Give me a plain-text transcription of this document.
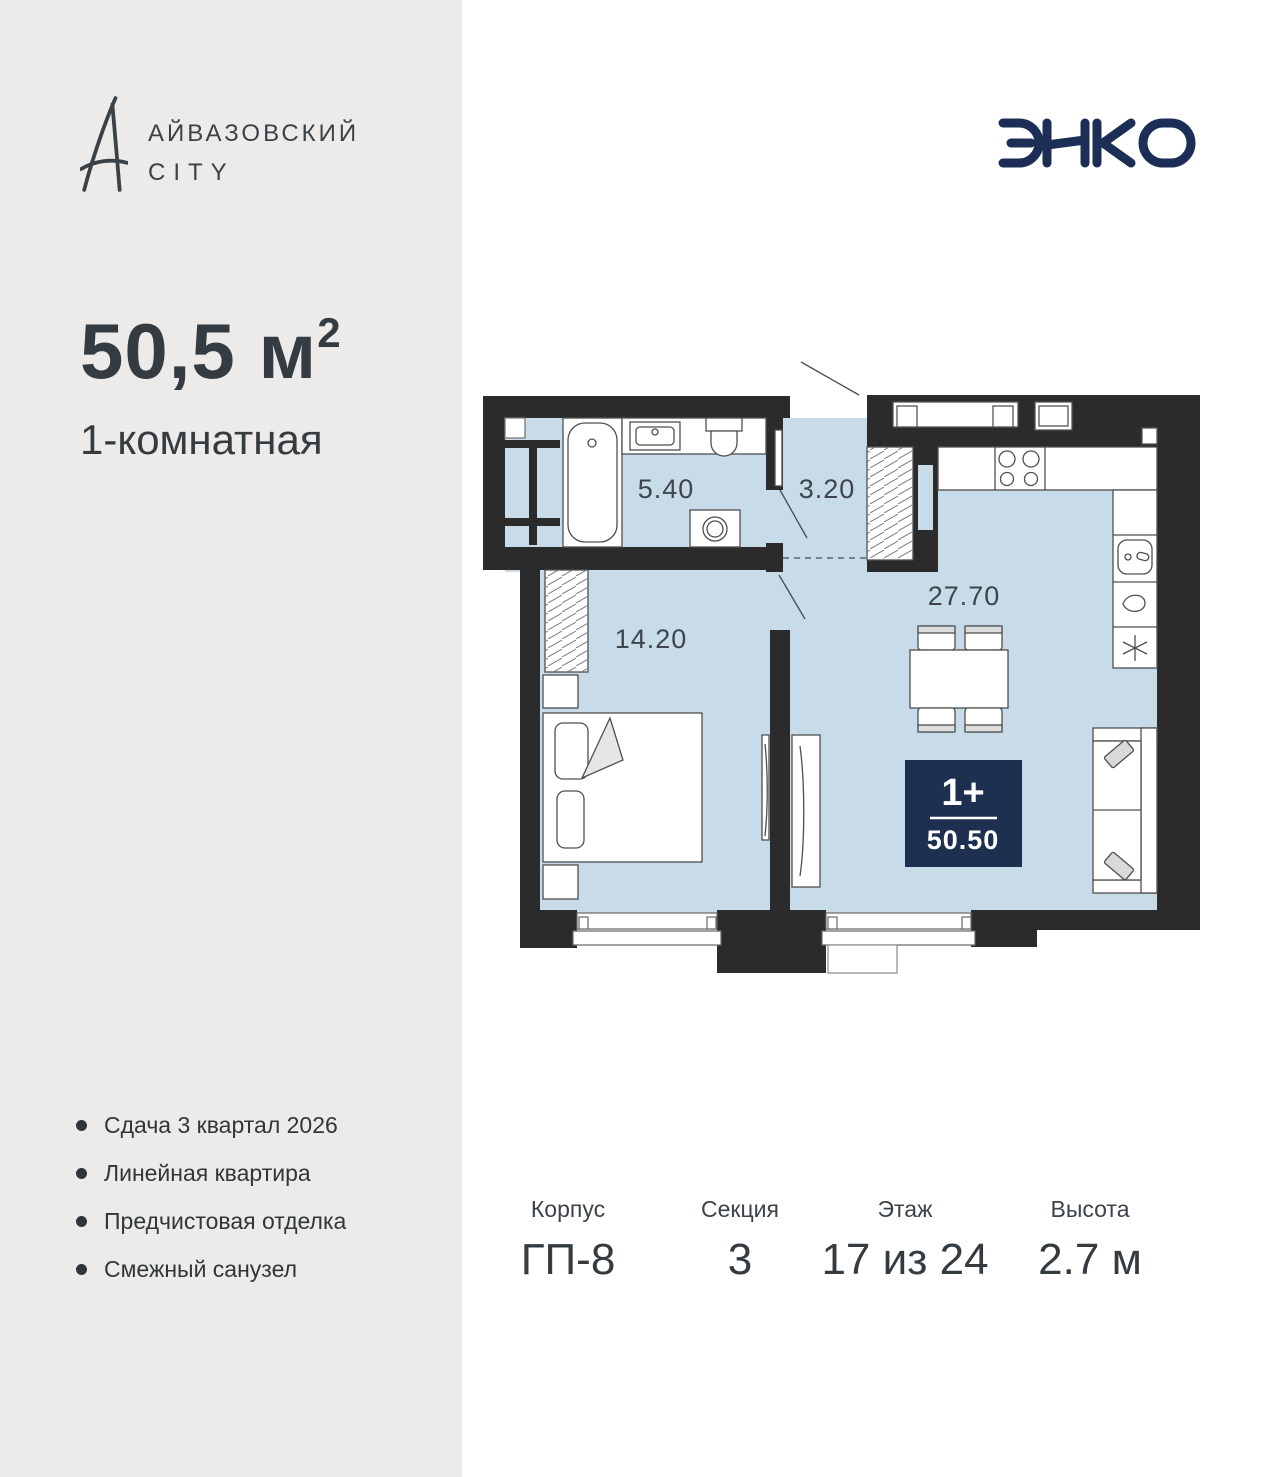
АЙВАЗОВСКИЙ
CITY
50,5 $м^2$
1-комнатная
Сдача 3 квартал 2026
Линейная квартира
Предчистовая отделка
Смежный санузел
5.40	3.20
27.70
14.20
1+
50.50
Корпус
ГП-8
Секция
3
Этаж
17 из 24
Высота
2.7 м
